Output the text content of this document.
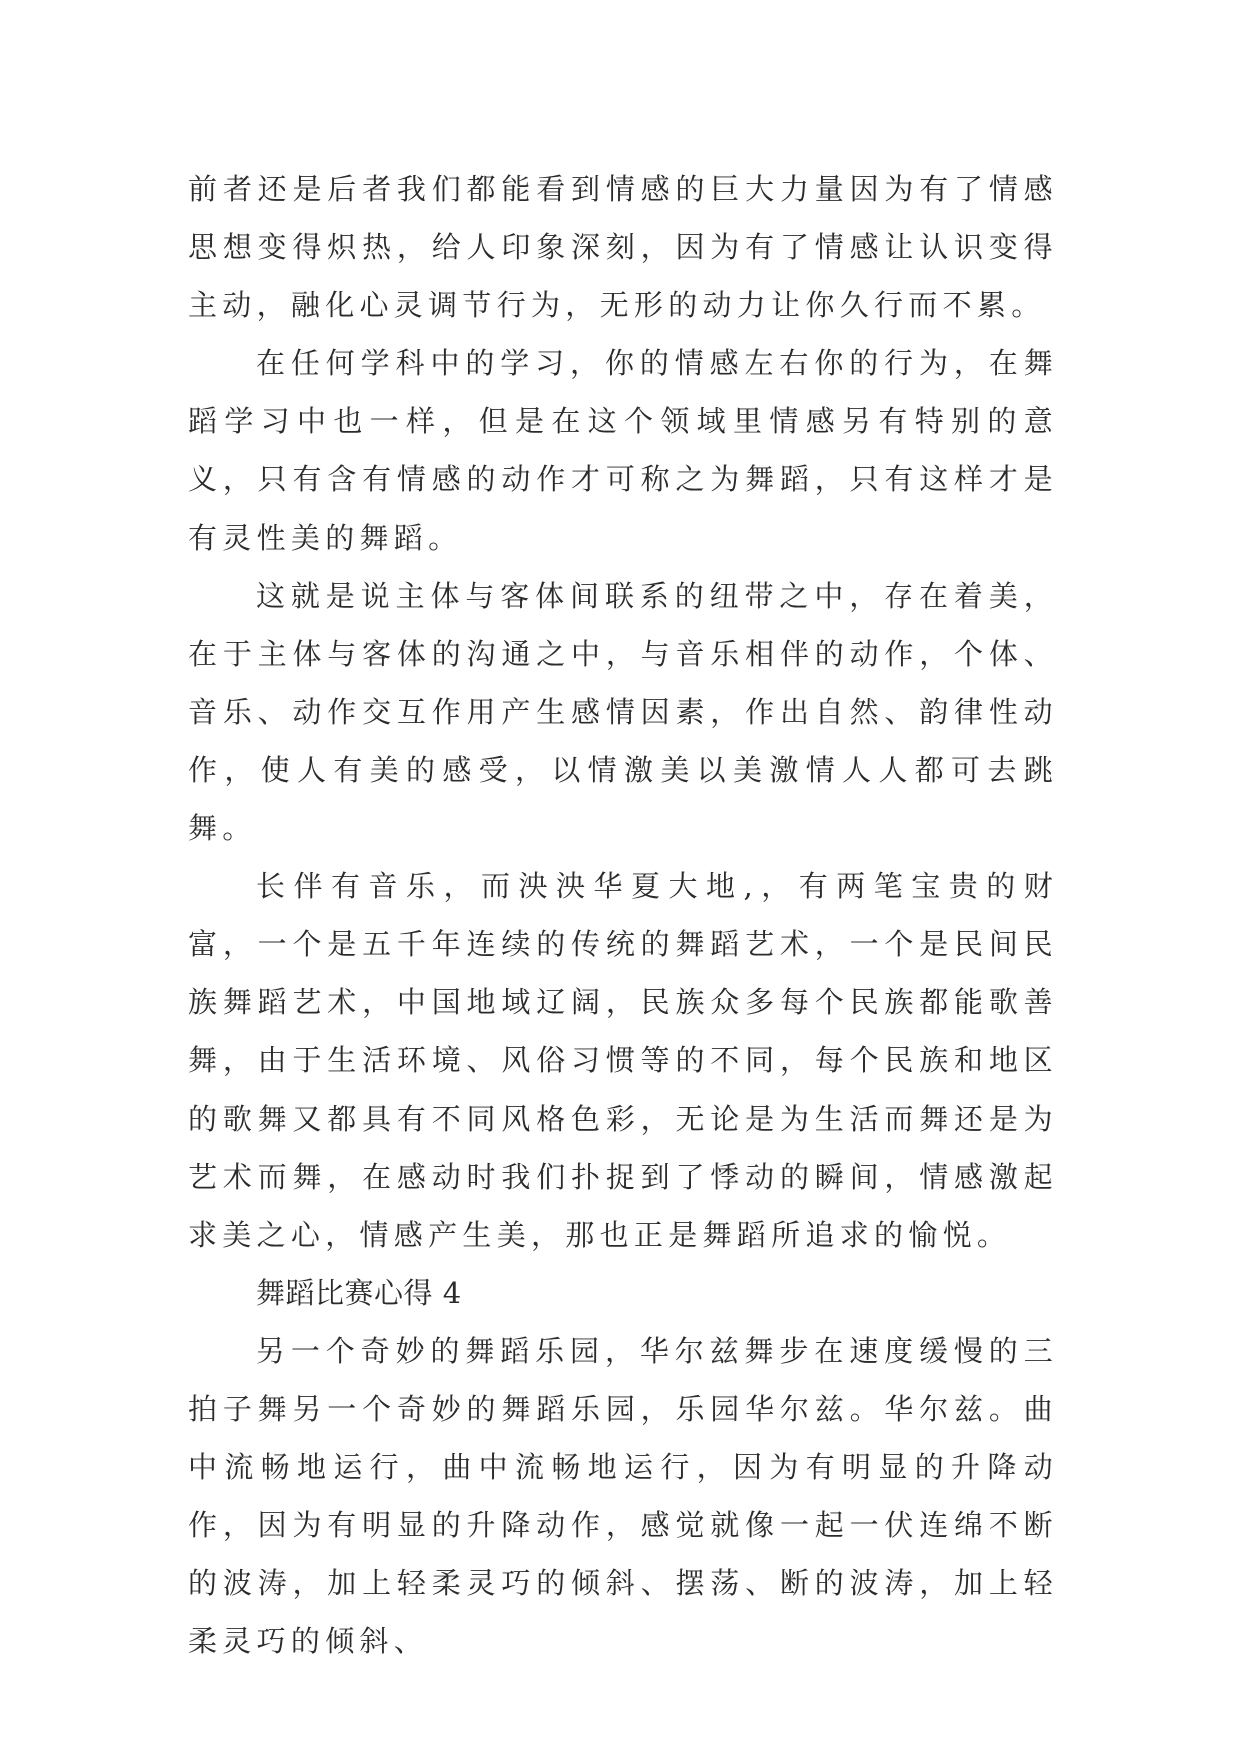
前者还是后者我们都能看到情感的巨大力量因为有了情感思想变得炽热，给人印象深刻，因为有了情感让认识变得主动，融化心灵调节行为，无形的动力让你久行而不累。

在任何学科中的学习，你的情感左右你的行为，在舞蹈学习中也一样，但是在这个领域里情感另有特别的意义，只有含有情感的动作才可称之为舞蹈，只有这样才是有灵性美的舞蹈。

这就是说主体与客体间联系的纽带之中，存在着美，在于主体与客体的沟通之中，与音乐相伴的动作，个体、音乐、动作交互作用产生感情因素，作出自然、韵律性动作，使人有美的感受，以情激美以美激情人人都可去跳舞。

长伴有音乐，而泱泱华夏大地,，有两笔宝贵的财富，一个是五千年连续的传统的舞蹈艺术，一个是民间民族舞蹈艺术，中国地域辽阔，民族众多每个民族都能歌善舞，由于生活环境、风俗习惯等的不同，每个民族和地区的歌舞又都具有不同风格色彩，无论是为生活而舞还是为艺术而舞，在感动时我们扑捉到了悸动的瞬间，情感激起求美之心，情感产生美，那也正是舞蹈所追求的愉悦。

舞蹈比赛心得 4

另一个奇妙的舞蹈乐园，华尔兹舞步在速度缓慢的三拍子舞另一个奇妙的舞蹈乐园，乐园华尔兹。华尔兹。曲中流畅地运行，曲中流畅地运行，因为有明显的升降动作，因为有明显的升降动作，感觉就像一起一伏连绵不断的波涛，加上轻柔灵巧的倾斜、摆荡、断的波涛，加上轻柔灵巧的倾斜、
